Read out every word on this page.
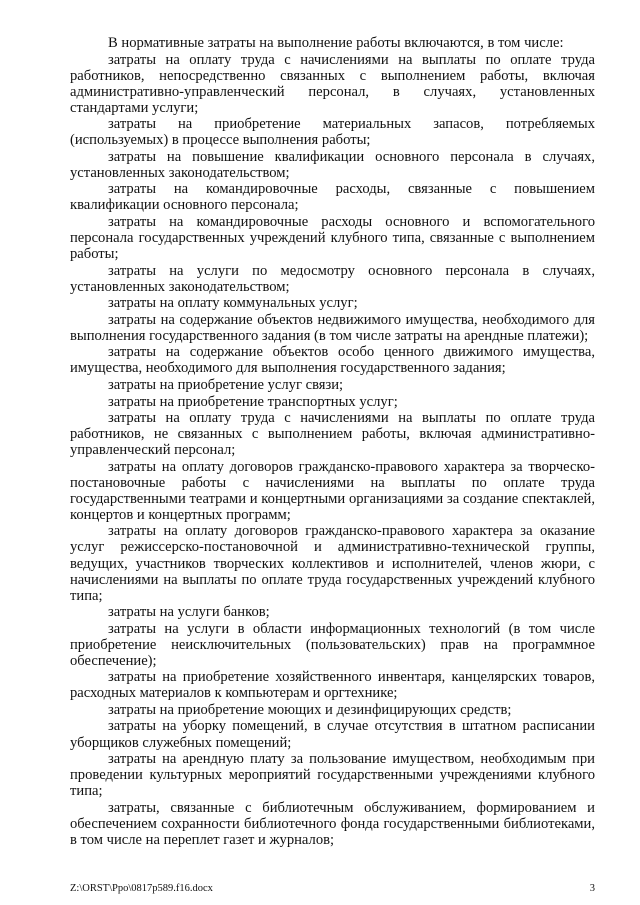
В нормативные затраты на выполнение работы включаются, в том числе:

затраты на оплату труда с начислениями на выплаты по оплате труда работников, непосредственно связанных с выполнением работы, включая административно-управленческий персонал, в случаях, установленных стандартами услуги;

затраты на приобретение материальных запасов, потребляемых (используемых) в процессе выполнения работы;

затраты на повышение квалификации основного персонала в случаях, установленных законодательством;

затраты на командировочные расходы, связанные с повышением квалификации основного персонала;

затраты на командировочные расходы основного и вспомогательного персонала государственных учреждений клубного типа, связанные с выполнением работы;

затраты на услуги по медосмотру основного персонала в случаях, установленных законодательством;

затраты на оплату коммунальных услуг;

затраты на содержание объектов недвижимого имущества, необходимого для выполнения государственного задания (в том числе затраты на арендные платежи);

затраты на содержание объектов особо ценного движимого имущества, имущества, необходимого для выполнения государственного задания;

затраты на приобретение услуг связи;

затраты на приобретение транспортных услуг;

затраты на оплату труда с начислениями на выплаты по оплате труда работников, не связанных с выполнением работы, включая административно-управленческий персонал;

затраты на оплату договоров гражданско-правового характера за творческо-постановочные работы с начислениями на выплаты по оплате труда государственными театрами и концертными организациями за создание спектаклей, концертов и концертных программ;

затраты на оплату договоров гражданско-правового характера за оказание услуг режиссерско-постановочной и административно-технической группы, ведущих, участников творческих коллективов и исполнителей, членов жюри, с начислениями на выплаты по оплате труда государственных учреждений клубного типа;

затраты на услуги банков;

затраты на услуги в области информационных технологий (в том числе приобретение неисключительных (пользовательских) прав на программное обеспечение);

затраты на приобретение хозяйственного инвентаря, канцелярских товаров, расходных материалов к компьютерам и оргтехнике;

затраты на приобретение моющих и дезинфицирующих средств;

затраты на уборку помещений, в случае отсутствия в штатном расписании уборщиков служебных помещений;

затраты на арендную плату за пользование имуществом, необходимым при проведении культурных мероприятий государственными учреждениями клубного типа;

затраты, связанные с библиотечным обслуживанием, формированием и обеспечением сохранности библиотечного фонда государственными библиотеками, в том числе на переплет газет и журналов;

Z:\ORST\Ppo\0817p589.f16.docx	3
